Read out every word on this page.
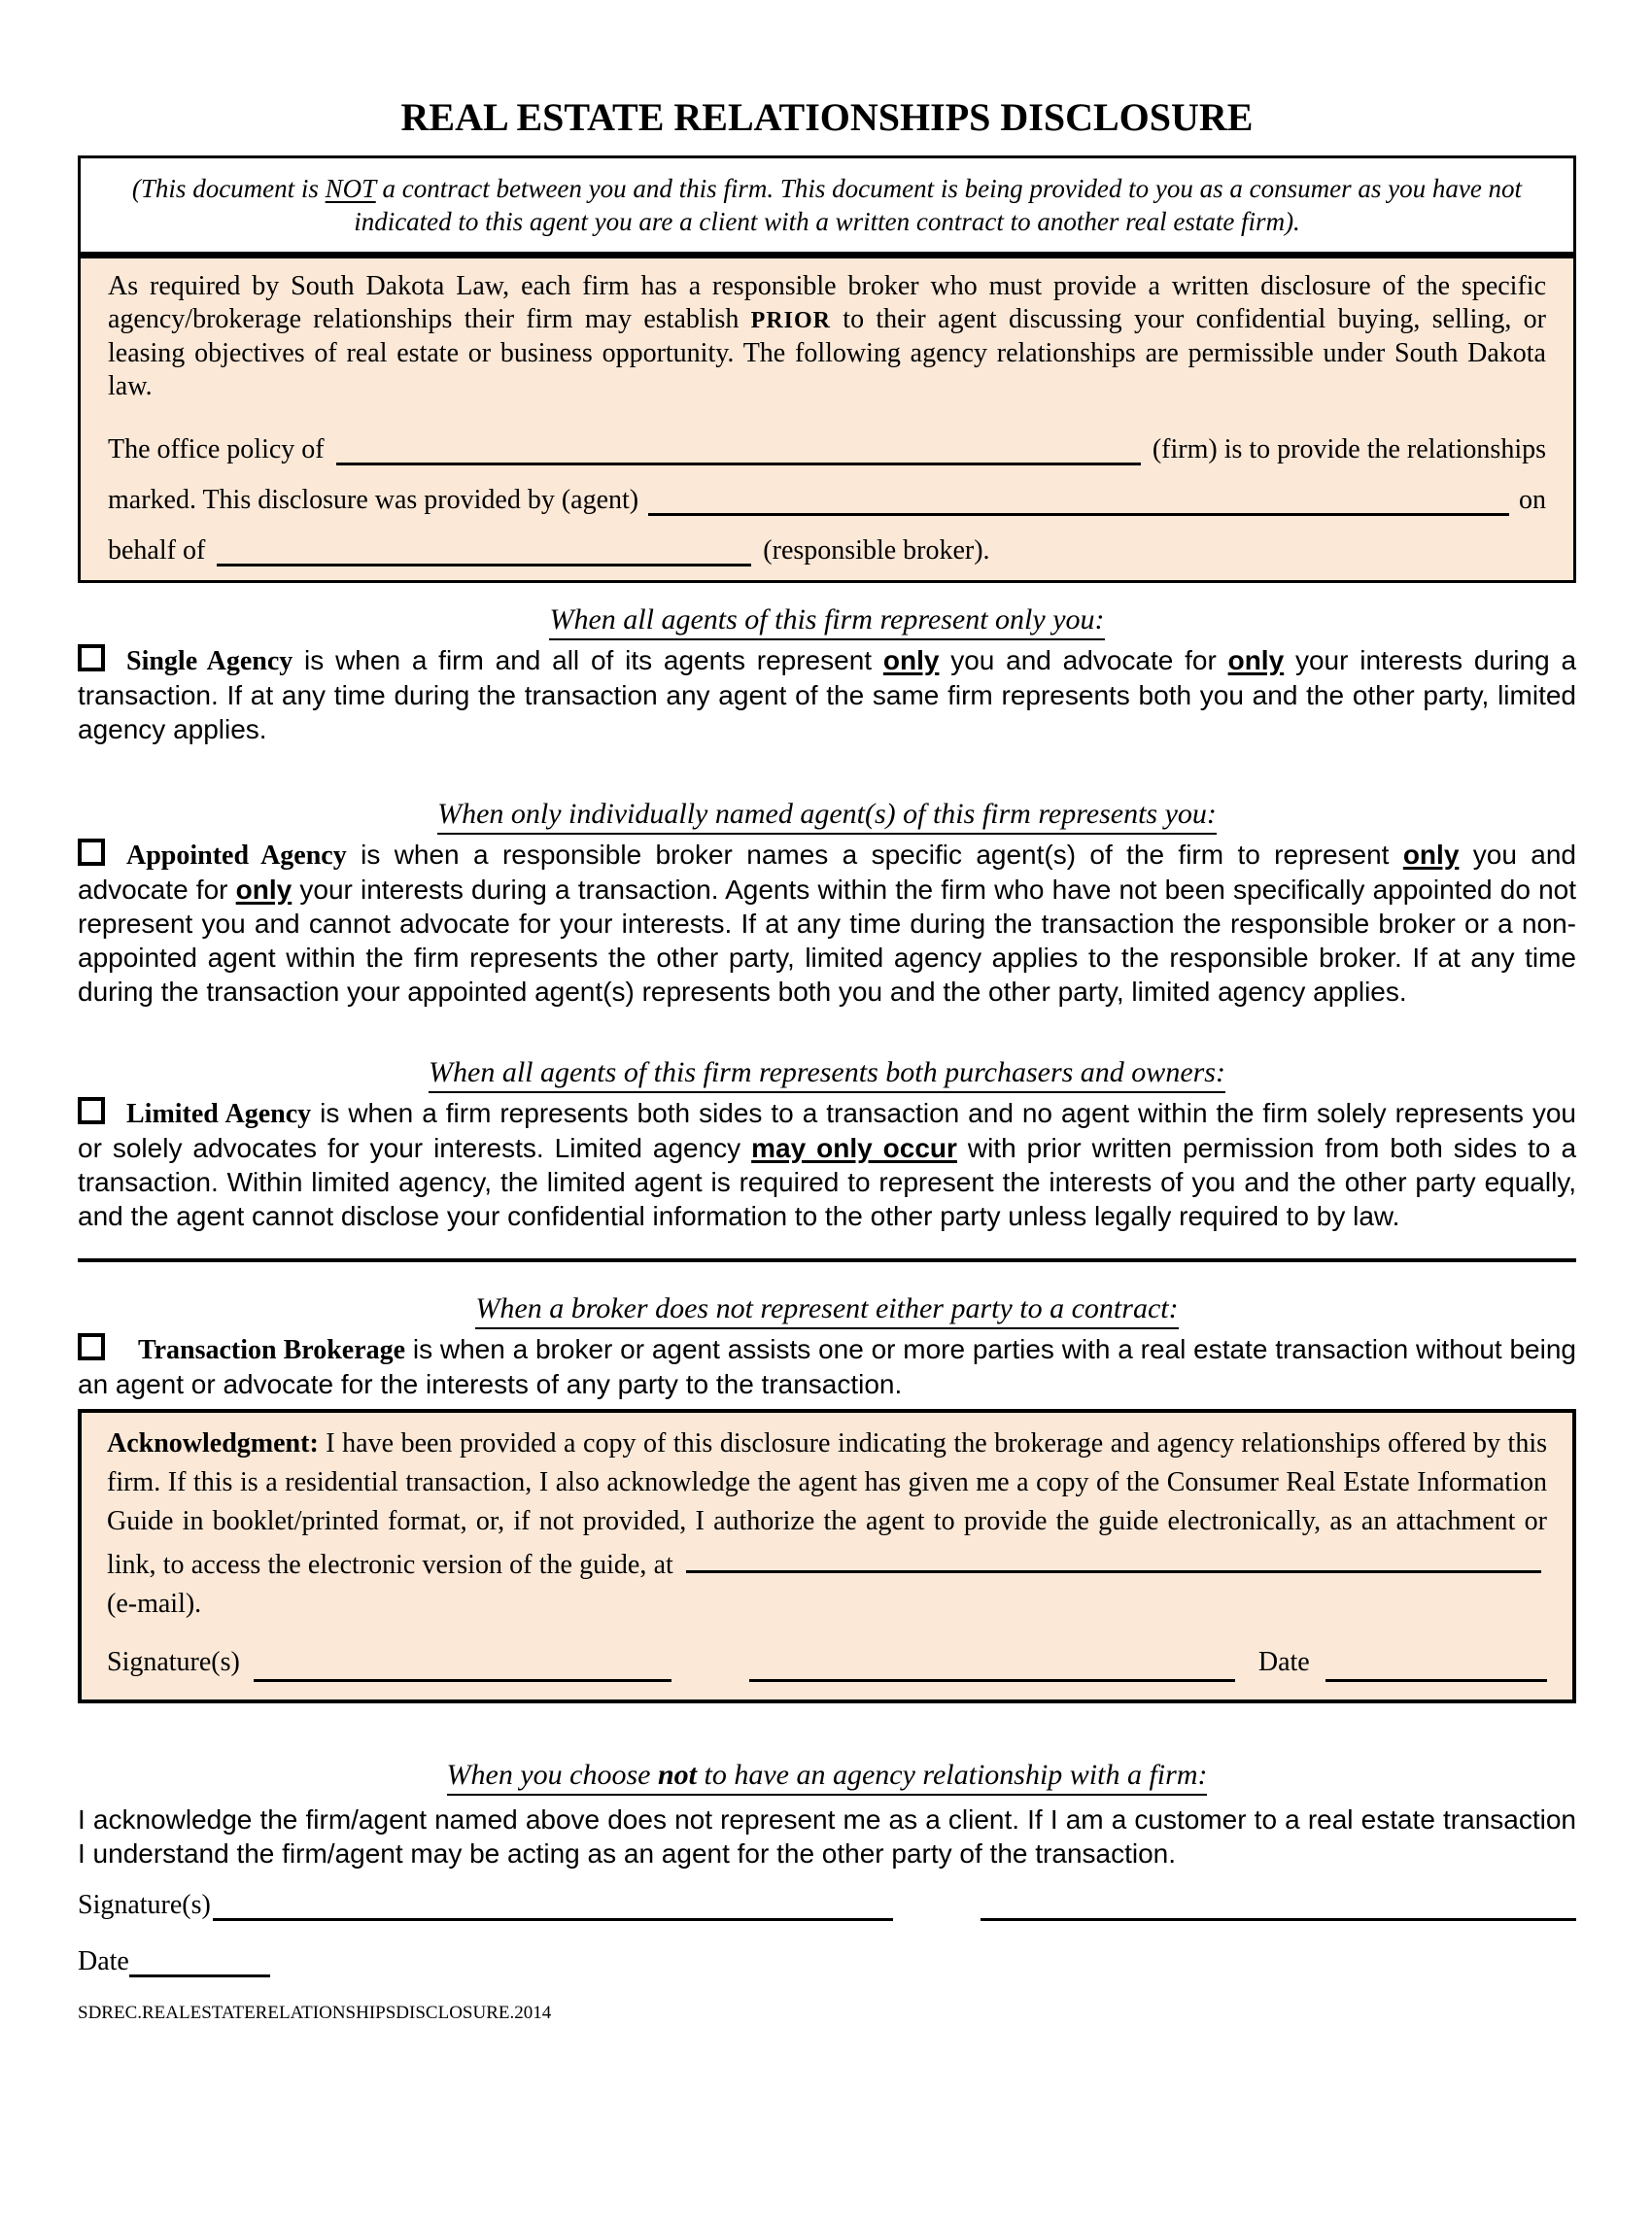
REAL ESTATE RELATIONSHIPS DISCLOSURE
(This document is NOT a contract between you and this firm. This document is being provided to you as a consumer as you have not indicated to this agent you are a client with a written contract to another real estate firm).
As required by South Dakota Law, each firm has a responsible broker who must provide a written disclosure of the specific agency/brokerage relationships their firm may establish PRIOR to their agent discussing your confidential buying, selling, or leasing objectives of real estate or business opportunity. The following agency relationships are permissible under South Dakota law.
The office policy of	(firm) is to provide the relationships
marked. This disclosure was provided by (agent)	on
behalf of	(responsible broker).
When all agents of this firm represent only you:
Single Agency is when a firm and all of its agents represent only you and advocate for only your interests during a transaction. If at any time during the transaction any agent of the same firm represents both you and the other party, limited agency applies.
When only individually named agent(s) of this firm represents you:
Appointed Agency is when a responsible broker names a specific agent(s) of the firm to represent only you and advocate for only your interests during a transaction. Agents within the firm who have not been specifically appointed do not represent you and cannot advocate for your interests. If at any time during the transaction the responsible broker or a non-appointed agent within the firm represents the other party, limited agency applies to the responsible broker. If at any time during the transaction your appointed agent(s) represents both you and the other party, limited agency applies.
When all agents of this firm represents both purchasers and owners:
Limited Agency is when a firm represents both sides to a transaction and no agent within the firm solely represents you or solely advocates for your interests. Limited agency may only occur with prior written permission from both sides to a transaction. Within limited agency, the limited agent is required to represent the interests of you and the other party equally, and the agent cannot disclose your confidential information to the other party unless legally required to by law.
When a broker does not represent either party to a contract:
Transaction Brokerage is when a broker or agent assists one or more parties with a real estate transaction without being an agent or advocate for the interests of any party to the transaction.
Acknowledgment: I have been provided a copy of this disclosure indicating the brokerage and agency relationships offered by this firm. If this is a residential transaction, I also acknowledge the agent has given me a copy of the Consumer Real Estate Information Guide in booklet/printed format, or, if not provided, I authorize the agent to provide the guide electronically, as an attachment or link, to access the electronic version of the guide, at  (e-mail).
Signature(s)	Date
When you choose not to have an agency relationship with a firm:
I acknowledge the firm/agent named above does not represent me as a client. If I am a customer to a real estate transaction I understand the firm/agent may be acting as an agent for the other party of the transaction.
Signature(s)
Date
SDREC.REALESTATERELATIONSHIPSDISCLOSURE.2014
